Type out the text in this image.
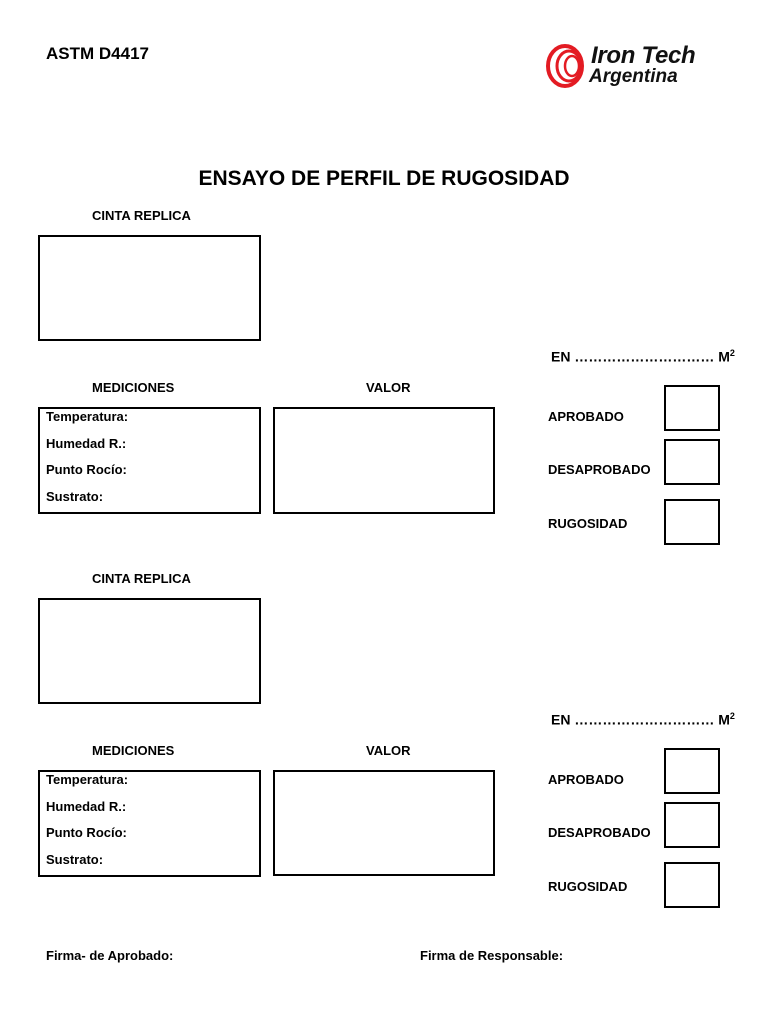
ASTM D4417	Iron Tech
Argentina
ENSAYO DE PERFIL DE RUGOSIDAD
CINTA REPLICA
EN ………………………… $M^2$
MEDICIONES	VALOR
Temperatura:
Humedad R.:
Punto Rocío:
Sustrato:
APROBADO
DESAPROBADO
RUGOSIDAD
CINTA REPLICA
EN ………………………… $M^2$
MEDICIONES	VALOR
Temperatura:
Humedad R.:
Punto Rocío:
Sustrato:
APROBADO
DESAPROBADO
RUGOSIDAD
Firma- de Aprobado:	Firma de Responsable:
